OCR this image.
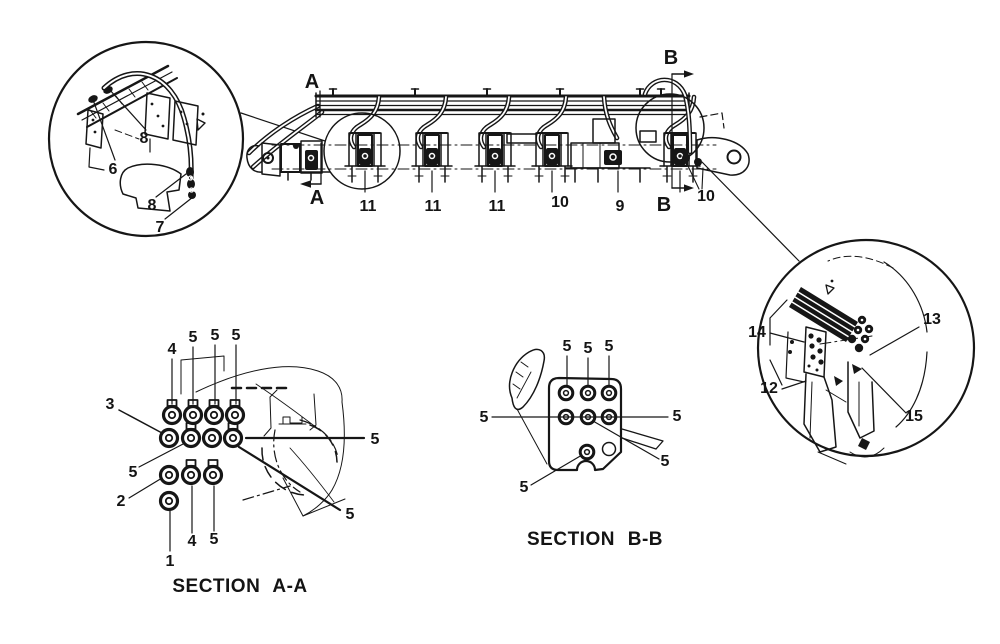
6
8
8
7
A
A
B
B
11	11	11	10	9
10
4
5 5 5
3
5
2
1
4 5
5
5
SECTION A-A
5 5 5
5	5
5
5
SECTION B-B
14
13
12
15
